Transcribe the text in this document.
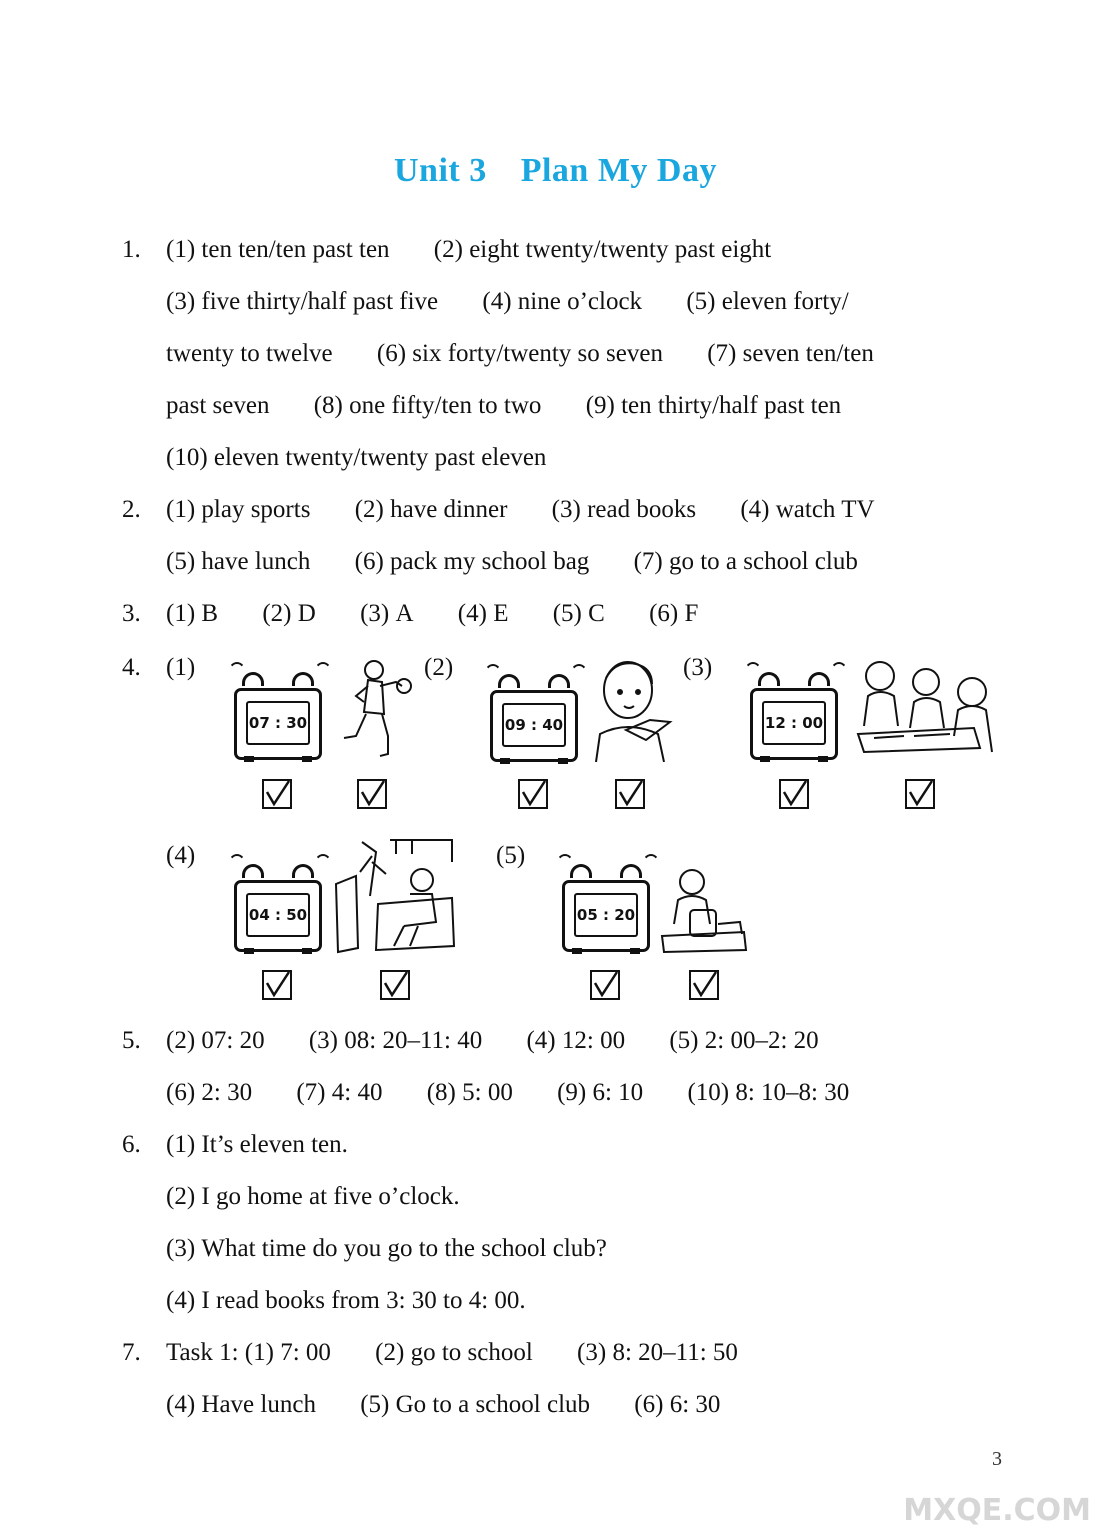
Unit 3 Plan My Day
1. (1) ten ten/ten past ten (2) eight twenty/twenty past eight
(3) five thirty/half past five (4) nine o’clock (5) eleven forty/
twenty to twelve (6) six forty/twenty so seven (7) seven ten/ten
past seven (8) one fifty/ten to two (9) ten thirty/half past ten
(10) eleven twenty/twenty past eleven
2. (1) play sports (2) have dinner (3) read books (4) watch TV
(5) have lunch (6) pack my school bag (7) go to a school club
3. (1) B (2) D (3) A (4) E (5) C (6) F
4. (1)
07 : 30
(2)
09 : 40
(3)
12 : 00
(4)
04 : 50
(5)
05 : 20
5. (2) 07: 20 (3) 08: 20–11: 40 (4) 12: 00 (5) 2: 00–2: 20
(6) 2: 30 (7) 4: 40 (8) 5: 00 (9) 6: 10 (10) 8: 10–8: 30
6. (1) It’s eleven ten.
(2) I go home at five o’clock.
(3) What time do you go to the school club?
(4) I read books from 3: 30 to 4: 00.
7. Task 1: (1) 7: 00 (2) go to school (3) 8: 20–11: 50
(4) Have lunch (5) Go to a school club (6) 6: 30
3
MXQE.COM
